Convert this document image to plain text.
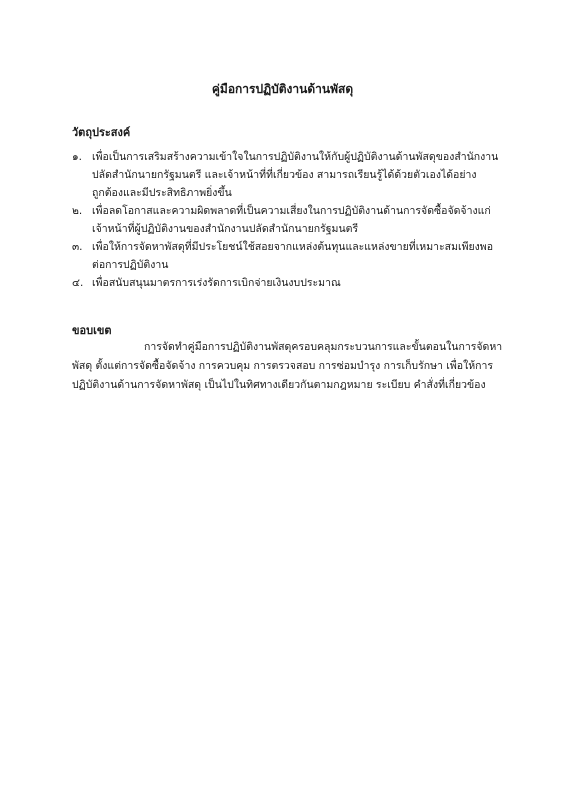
คู่มือการปฏิบัติงานด้านพัสดุ
วัตถุประสงค์
๑. เพื่อเป็นการเสริมสร้างความเข้าใจในการปฏิบัติงานให้กับผู้ปฏิบัติงานด้านพัสดุของสำนักงาน
ปลัดสำนักนายกรัฐมนตรี และเจ้าหน้าที่ที่เกี่ยวข้อง สามารถเรียนรู้ได้ด้วยตัวเองได้อย่าง
ถูกต้องและมีประสิทธิภาพยิ่งขึ้น
๒. เพื่อลดโอกาสและความผิดพลาดที่เป็นความเสี่ยงในการปฏิบัติงานด้านการจัดซื้อจัดจ้างแก่
เจ้าหน้าที่ผู้ปฏิบัติงานของสำนักงานปลัดสำนักนายกรัฐมนตรี
๓. เพื่อให้การจัดหาพัสดุที่มีประโยชน์ใช้สอยจากแหล่งต้นทุนและแหล่งขายที่เหมาะสมเพียงพอ
ต่อการปฏิบัติงาน
๔. เพื่อสนับสนุนมาตรการเร่งรัดการเบิกจ่ายเงินงบประมาณ
ขอบเขต
การจัดทำคู่มือการปฏิบัติงานพัสดุครอบคลุมกระบวนการและขั้นตอนในการจัดหา
พัสดุ ตั้งแต่การจัดซื้อจัดจ้าง การควบคุม การตรวจสอบ การซ่อมบำรุง การเก็บรักษา เพื่อให้การ
ปฏิบัติงานด้านการจัดหาพัสดุ เป็นไปในทิศทางเดียวกันตามกฎหมาย ระเบียบ คำสั่งที่เกี่ยวข้อง
